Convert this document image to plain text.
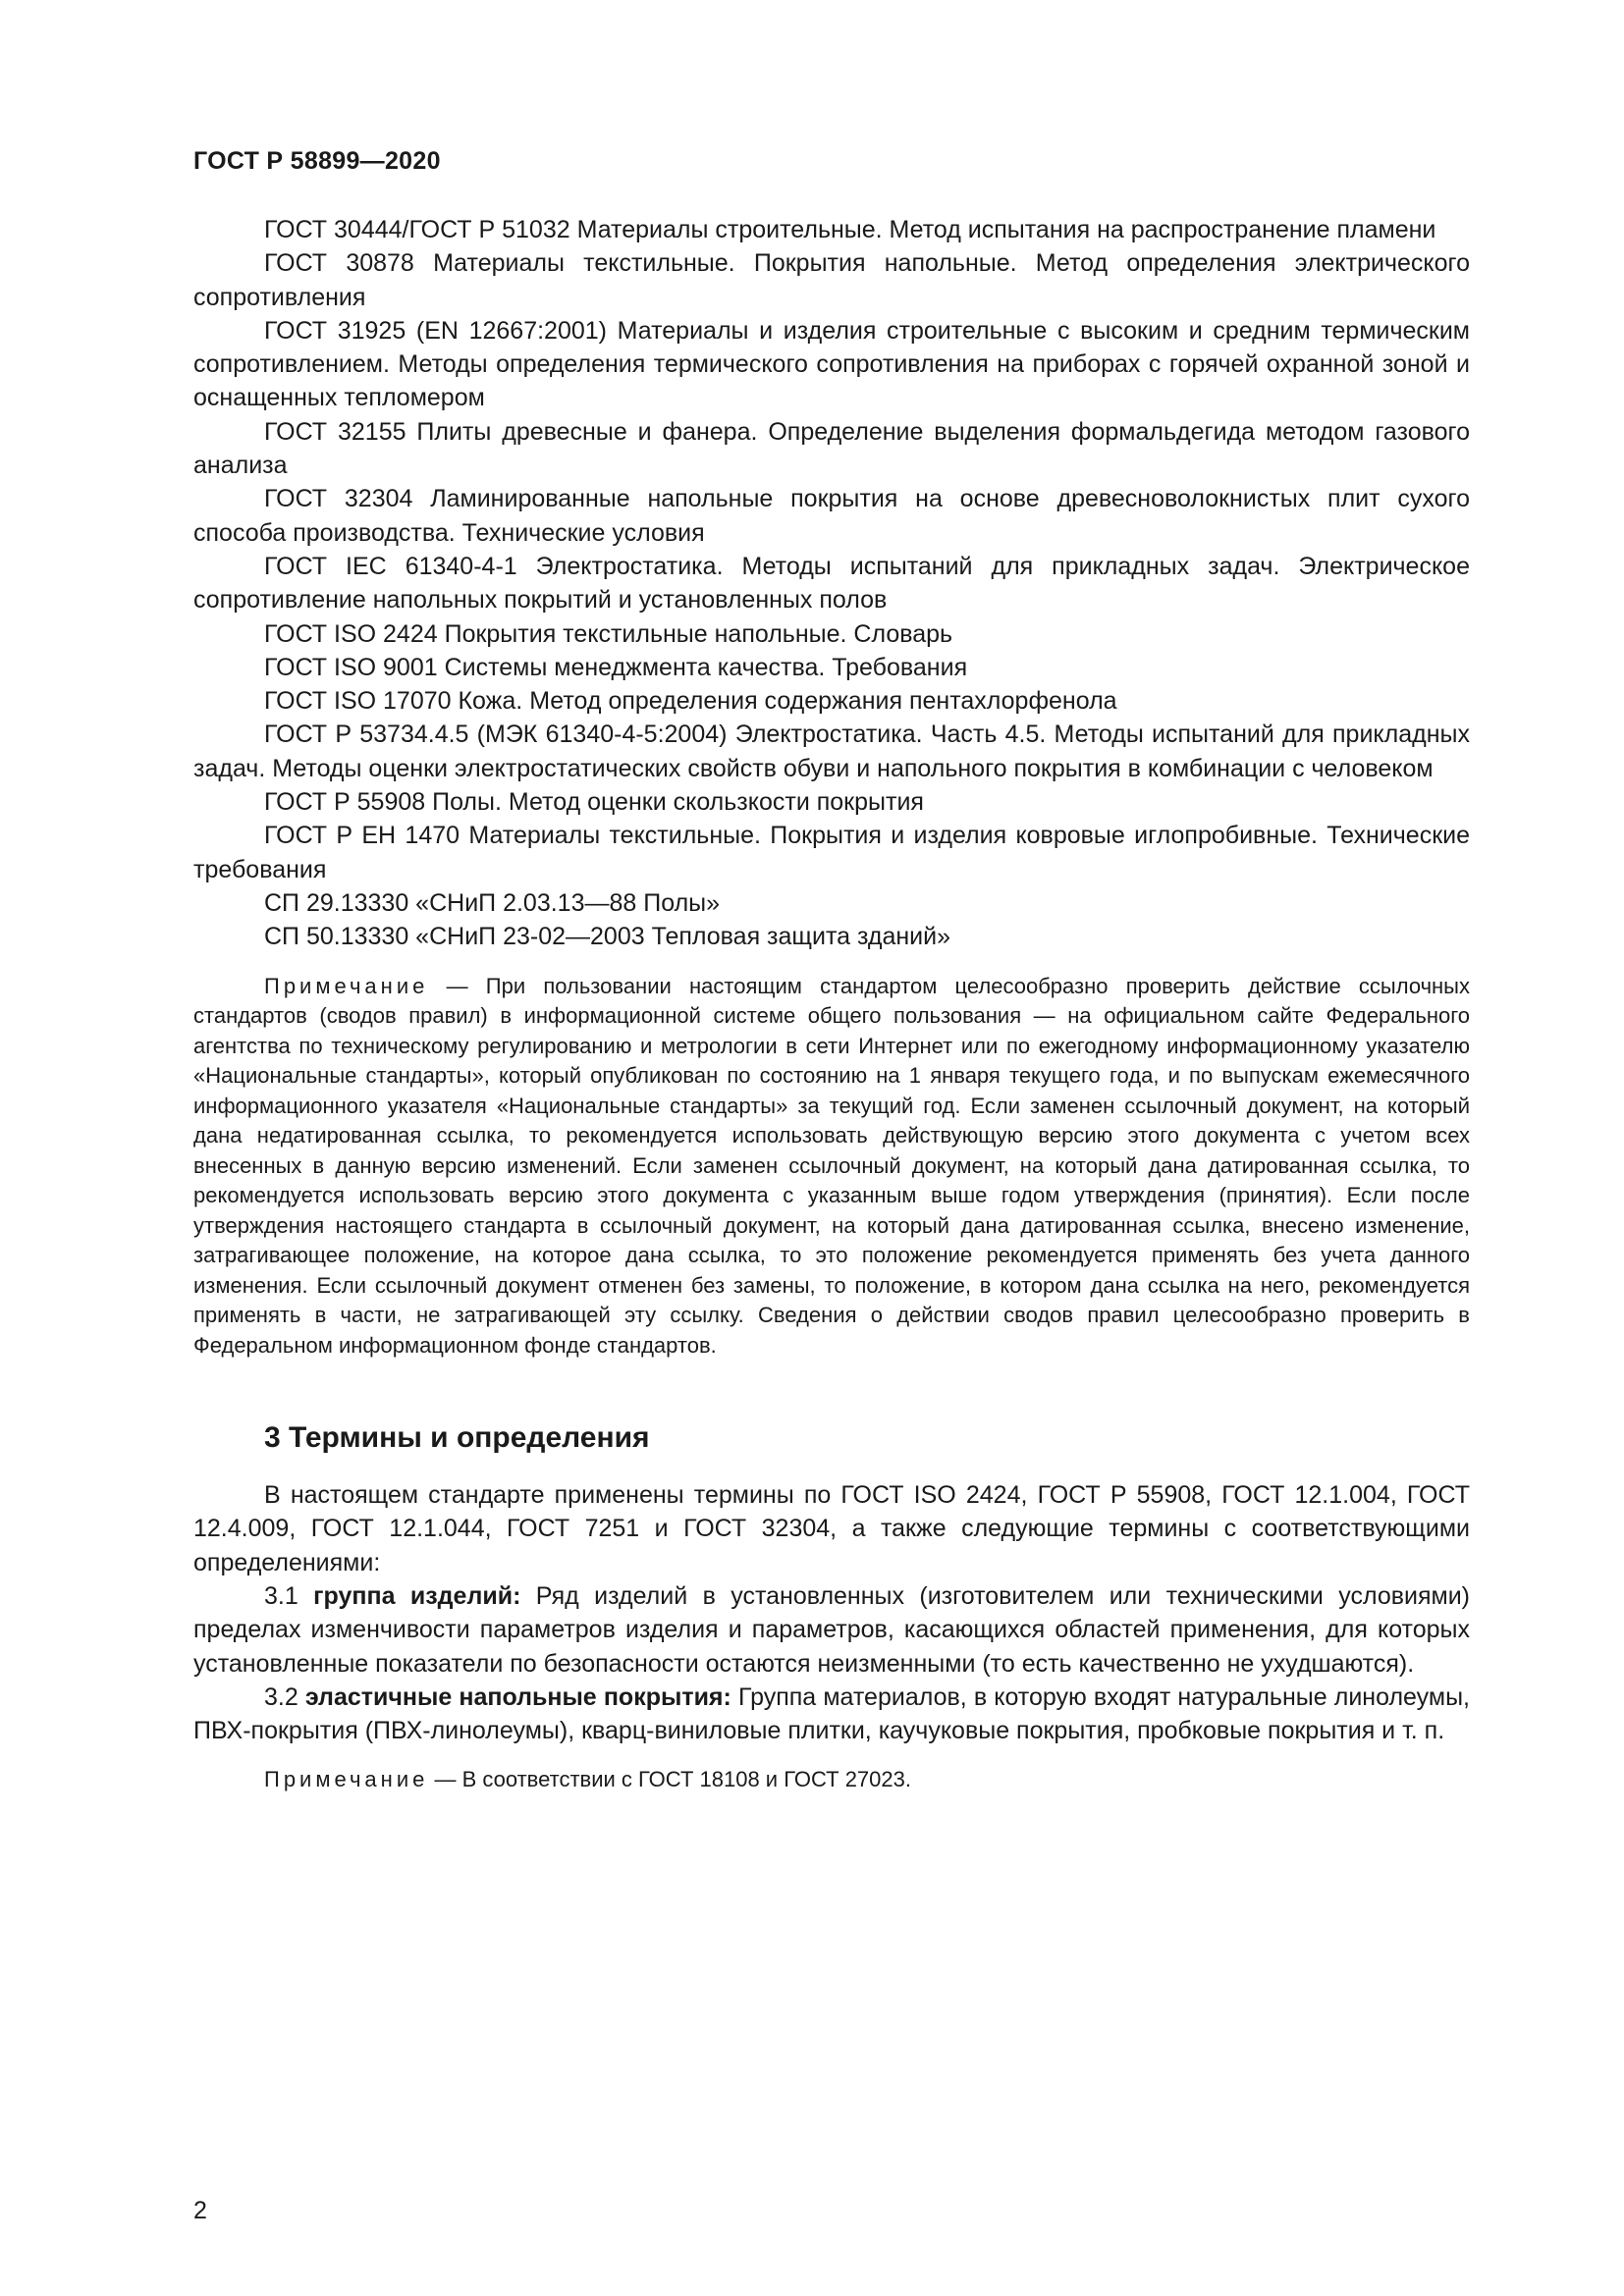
ГОСТ Р 58899—2020

ГОСТ 30444/ГОСТ Р 51032 Материалы строительные. Метод испытания на распространение пламени

ГОСТ 30878 Материалы текстильные. Покрытия напольные. Метод определения электрического сопротивления

ГОСТ 31925 (EN 12667:2001) Материалы и изделия строительные с высоким и средним термическим сопротивлением. Методы определения термического сопротивления на приборах с горячей охранной зоной и оснащенных тепломером

ГОСТ 32155 Плиты древесные и фанера. Определение выделения формальдегида методом газового анализа

ГОСТ 32304 Ламинированные напольные покрытия на основе древесноволокнистых плит сухого способа производства. Технические условия

ГОСТ IEC 61340-4-1 Электростатика. Методы испытаний для прикладных задач. Электрическое сопротивление напольных покрытий и установленных полов

ГОСТ ISO 2424 Покрытия текстильные напольные. Словарь

ГОСТ ISO 9001 Системы менеджмента качества. Требования

ГОСТ ISO 17070 Кожа. Метод определения содержания пентахлорфенола

ГОСТ Р 53734.4.5 (МЭК 61340-4-5:2004) Электростатика. Часть 4.5. Методы испытаний для прикладных задач. Методы оценки электростатических свойств обуви и напольного покрытия в комбинации с человеком

ГОСТ Р 55908 Полы. Метод оценки скользкости покрытия

ГОСТ Р ЕН 1470 Материалы текстильные. Покрытия и изделия ковровые иглопробивные. Технические требования

СП 29.13330 «СНиП 2.03.13—88 Полы»

СП 50.13330 «СНиП 23-02—2003 Тепловая защита зданий»

Примечание — При пользовании настоящим стандартом целесообразно проверить действие ссылочных стандартов (сводов правил) в информационной системе общего пользования — на официальном сайте Федерального агентства по техническому регулированию и метрологии в сети Интернет или по ежегодному информационному указателю «Национальные стандарты», который опубликован по состоянию на 1 января текущего года, и по выпускам ежемесячного информационного указателя «Национальные стандарты» за текущий год. Если заменен ссылочный документ, на который дана недатированная ссылка, то рекомендуется использовать действующую версию этого документа с учетом всех внесенных в данную версию изменений. Если заменен ссылочный документ, на который дана датированная ссылка, то рекомендуется использовать версию этого документа с указанным выше годом утверждения (принятия). Если после утверждения настоящего стандарта в ссылочный документ, на который дана датированная ссылка, внесено изменение, затрагивающее положение, на которое дана ссылка, то это положение рекомендуется применять без учета данного изменения. Если ссылочный документ отменен без замены, то положение, в котором дана ссылка на него, рекомендуется применять в части, не затрагивающей эту ссылку. Сведения о действии сводов правил целесообразно проверить в Федеральном информационном фонде стандартов.

3 Термины и определения

В настоящем стандарте применены термины по ГОСТ ISO 2424, ГОСТ Р 55908, ГОСТ 12.1.004, ГОСТ 12.4.009, ГОСТ 12.1.044, ГОСТ 7251 и ГОСТ 32304, а также следующие термины с соответствующими определениями:

3.1 группа изделий: Ряд изделий в установленных (изготовителем или техническими условиями) пределах изменчивости параметров изделия и параметров, касающихся областей применения, для которых установленные показатели по безопасности остаются неизменными (то есть качественно не ухудшаются).

3.2 эластичные напольные покрытия: Группа материалов, в которую входят натуральные линолеумы, ПВХ-покрытия (ПВХ-линолеумы), кварц-виниловые плитки, каучуковые покрытия, пробковые покрытия и т. п.

Примечание — В соответствии с ГОСТ 18108 и ГОСТ 27023.

2
